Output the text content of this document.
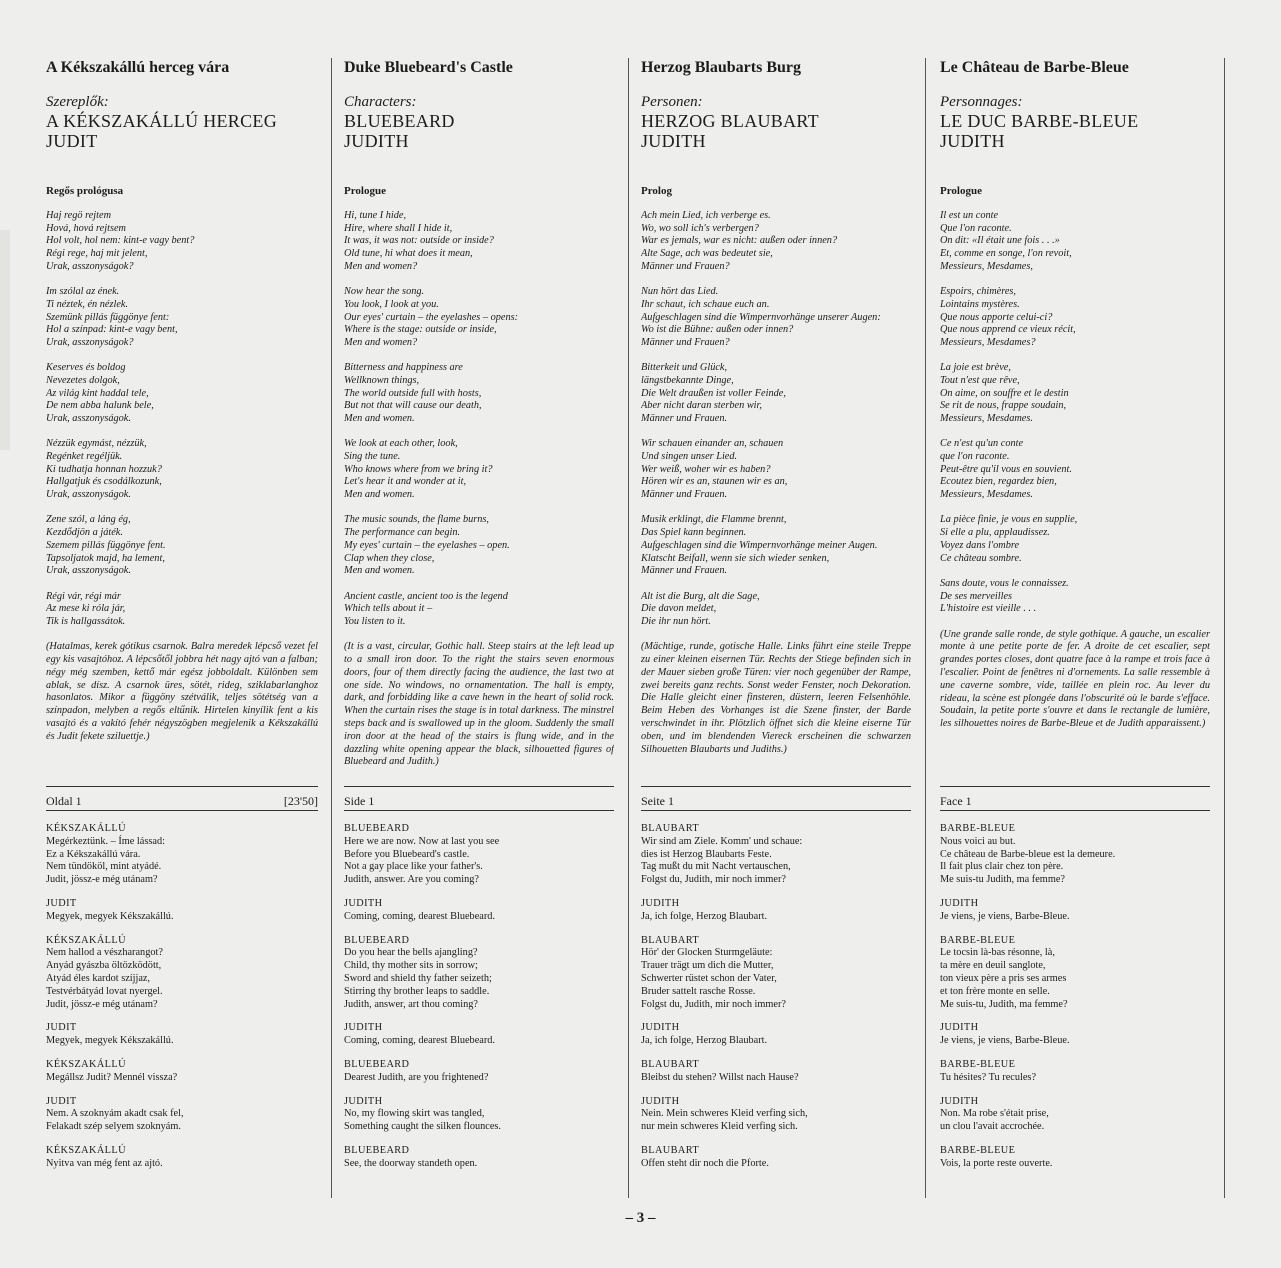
A Kékszakállú herceg vára

Szereplők:

A KÉKSZAKÁLLÚ HERCEG

JUDIT

Regős prológusa

Haj regö rejtem
Hová, hová rejtsem
Hol volt, hol nem: kint-e vagy bent?
Régi rege, haj mit jelent,
Urak, asszonyságok?
Im szólal az ének.
Ti néztek, én nézlek.
Szemünk pillás függönye fent:
Hol a színpad: kint-e vagy bent,
Urak, asszonyságok?
Keserves és boldog
Nevezetes dolgok,
Az világ kint haddal tele,
De nem abba halunk bele,
Urak, asszonyságok.
Nézzük egymást, nézzük,
Regénket regéljük.
Ki tudhatja honnan hozzuk?
Hallgatjuk és csodálkozunk,
Urak, asszonyságok.
Zene szól, a láng ég,
Kezdődjön a játék.
Szemem pillás függönye fent.
Tapsoljatok majd, ha lement,
Urak, asszonyságok.
Régi vár, régi már
Az mese ki róla jár,
Tik is hallgassátok.

(Hatalmas, kerek gótikus csarnok. Balra meredek lépcső vezet fel egy kis vasajtóhoz. A lépcsőtől jobbra hét nagy ajtó van a falban; négy még szemben, kettő már egész jobboldalt. Különben sem ablak, se dísz. A csarnok üres, sötét, rideg, sziklabarlanghoz hasonlatos. Mikor a függöny szétválik, teljes sötétség van a színpadon, melyben a regős eltűnik. Hirtelen kinyílik fent a kis vasajtó és a vakító fehér négyszögben megjelenik a Kékszakállú és Judit fekete sziluettje.)

Oldal 1	[23'50]
KÉKSZAKÁLLÚ
Megérkeztünk. – Íme lássad:
Ez a Kékszakállú vára.
Nem tündököl, mint atyádé.
Judit, jössz-e még utánam?
JUDIT
Megyek, megyek Kékszakállú.
KÉKSZAKÁLLÚ
Nem hallod a vészharangot?
Anyád gyászba öltözködött,
Atyád éles kardot szíjjaz,
Testvérbátyád lovat nyergel.
Judit, jössz-e még utánam?
JUDIT
Megyek, megyek Kékszakállú.
KÉKSZAKÁLLÚ
Megállsz Judit? Mennél vissza?
JUDIT
Nem. A szoknyám akadt csak fel,
Felakadt szép selyem szoknyám.
KÉKSZAKÁLLÚ
Nyitva van még fent az ajtó.
Duke Bluebeard's Castle

Characters:

BLUEBEARD

JUDITH

Prologue

Hi, tune I hide,
Hire, where shall I hide it,
It was, it was not: outside or inside?
Old tune, hi what does it mean,
Men and women?
Now hear the song.
You look, I look at you.
Our eyes' curtain – the eyelashes – opens:
Where is the stage: outside or inside,
Men and women?
Bitterness and happiness are
Wellknown things,
The world outside full with hosts,
But not that will cause our death,
Men and women.
We look at each other, look,
Sing the tune.
Who knows where from we bring it?
Let's hear it and wonder at it,
Men and women.
The music sounds, the flame burns,
The performance can begin.
My eyes' curtain – the eyelashes – open.
Clap when they close,
Men and women.
Ancient castle, ancient too is the legend
Which tells about it –
You listen to it.

(It is a vast, circular, Gothic hall. Steep stairs at the left lead up to a small iron door. To the right the stairs seven enormous doors, four of them directly facing the audience, the last two at one side. No windows, no ornamentation. The hall is empty, dark, and forbidding like a cave hewn in the heart of solid rock. When the curtain rises the stage is in total darkness. The minstrel steps back and is swallowed up in the gloom. Suddenly the small iron door at the head of the stairs is flung wide, and in the dazzling white opening appear the black, silhouetted figures of Bluebeard and Judith.)

Side 1
BLUEBEARD
Here we are now. Now at last you see
Before you Bluebeard's castle.
Not a gay place like your father's.
Judith, answer. Are you coming?
JUDITH
Coming, coming, dearest Bluebeard.
BLUEBEARD
Do you hear the bells ajangling?
Child, thy mother sits in sorrow;
Sword and shield thy father seizeth;
Stirring thy brother leaps to saddle.
Judith, answer, art thou coming?
JUDITH
Coming, coming, dearest Bluebeard.
BLUEBEARD
Dearest Judith, are you frightened?
JUDITH
No, my flowing skirt was tangled,
Something caught the silken flounces.
BLUEBEARD
See, the doorway standeth open.
Herzog Blaubarts Burg

Personen:

HERZOG BLAUBART

JUDITH

Prolog

Ach mein Lied, ich verberge es.
Wo, wo soll ich's verbergen?
War es jemals, war es nicht: außen oder innen?
Alte Sage, ach was bedeutet sie,
Männer und Frauen?
Nun hört das Lied.
Ihr schaut, ich schaue euch an.
Aufgeschlagen sind die Wimpernvorhänge unserer Augen:
Wo ist die Bühne: außen oder innen?
Männer und Frauen?
Bitterkeit und Glück,
längstbekannte Dinge,
Die Welt draußen ist voller Feinde,
Aber nicht daran sterben wir,
Männer und Frauen.
Wir schauen einander an, schauen
Und singen unser Lied.
Wer weiß, woher wir es haben?
Hören wir es an, staunen wir es an,
Männer und Frauen.
Musik erklingt, die Flamme brennt,
Das Spiel kann beginnen.
Aufgeschlagen sind die Wimpernvorhänge meiner Augen.
Klatscht Beifall, wenn sie sich wieder senken,
Männer und Frauen.
Alt ist die Burg, alt die Sage,
Die davon meldet,
Die ihr nun hört.

(Mächtige, runde, gotische Halle. Links führt eine steile Treppe zu einer kleinen eisernen Tür. Rechts der Stiege befinden sich in der Mauer sieben große Türen: vier noch gegenüber der Rampe, zwei bereits ganz rechts. Sonst weder Fenster, noch Dekoration. Die Halle gleicht einer finsteren, düstern, leeren Felsenhöhle. Beim Heben des Vorhanges ist die Szene finster, der Barde verschwindet in ihr. Plötzlich öffnet sich die kleine eiserne Tür oben, und im blendenden Viereck erscheinen die schwarzen Silhouetten Blaubarts und Judiths.)

Seite 1
BLAUBART
Wir sind am Ziele. Komm' und schaue:
dies ist Herzog Blaubarts Feste.
Tag mußt du mit Nacht vertauschen,
Folgst du, Judith, mir noch immer?
JUDITH
Ja, ich folge, Herzog Blaubart.
BLAUBART
Hör' der Glocken Sturmgeläute:
Trauer trägt um dich die Mutter,
Schwerter rüstet schon der Vater,
Bruder sattelt rasche Rosse.
Folgst du, Judith, mir noch immer?
JUDITH
Ja, ich folge, Herzog Blaubart.
BLAUBART
Bleibst du stehen? Willst nach Hause?
JUDITH
Nein. Mein schweres Kleid verfing sich,
nur mein schweres Kleid verfing sich.
BLAUBART
Offen steht dir noch die Pforte.
Le Château de Barbe-Bleue

Personnages:

LE DUC BARBE-BLEUE

JUDITH

Prologue

Il est un conte
Que l'on raconte.
On dit: «Il était une fois . . .»
Et, comme en songe, l'on revoit,
Messieurs, Mesdames,
Espoirs, chimères,
Lointains mystères.
Que nous apporte celui-ci?
Que nous apprend ce vieux récit,
Messieurs, Mesdames?
La joie est brève,
Tout n'est que rêve,
On aime, on souffre et le destin
Se rit de nous, frappe soudain,
Messieurs, Mesdames.
Ce n'est qu'un conte
que l'on raconte.
Peut-être qu'il vous en souvient.
Ecoutez bien, regardez bien,
Messieurs, Mesdames.
La pièce finie, je vous en supplie,
Si elle a plu, applaudissez.
Voyez dans l'ombre
Ce château sombre.
Sans doute, vous le connaissez.
De ses merveilles
L'histoire est vieille . . .

(Une grande salle ronde, de style gothique. A gauche, un escalier monte à une petite porte de fer. A droite de cet escalier, sept grandes portes closes, dont quatre face à la rampe et trois face à l'escalier. Point de fenêtres ni d'ornements. La salle ressemble à une caverne sombre, vide, taillée en plein roc. Au lever du rideau, la scène est plongée dans l'obscurité où le barde s'efface. Soudain, la petite porte s'ouvre et dans le rectangle de lumière, les silhouettes noires de Barbe-Bleue et de Judith apparaissent.)

Face 1
BARBE-BLEUE
Nous voici au but.
Ce château de Barbe-bleue est la demeure.
Il fait plus clair chez ton père.
Me suis-tu Judith, ma femme?
JUDITH
Je viens, je viens, Barbe-Bleue.
BARBE-BLEUE
Le tocsin là-bas résonne, là,
ta mère en deuil sanglote,
ton vieux père a pris ses armes
et ton frère monte en selle.
Me suis-tu, Judith, ma femme?
JUDITH
Je viens, je viens, Barbe-Bleue.
BARBE-BLEUE
Tu hésites? Tu recules?
JUDITH
Non. Ma robe s'était prise,
un clou l'avait accrochée.
BARBE-BLEUE
Vois, la porte reste ouverte.
– 3 –
